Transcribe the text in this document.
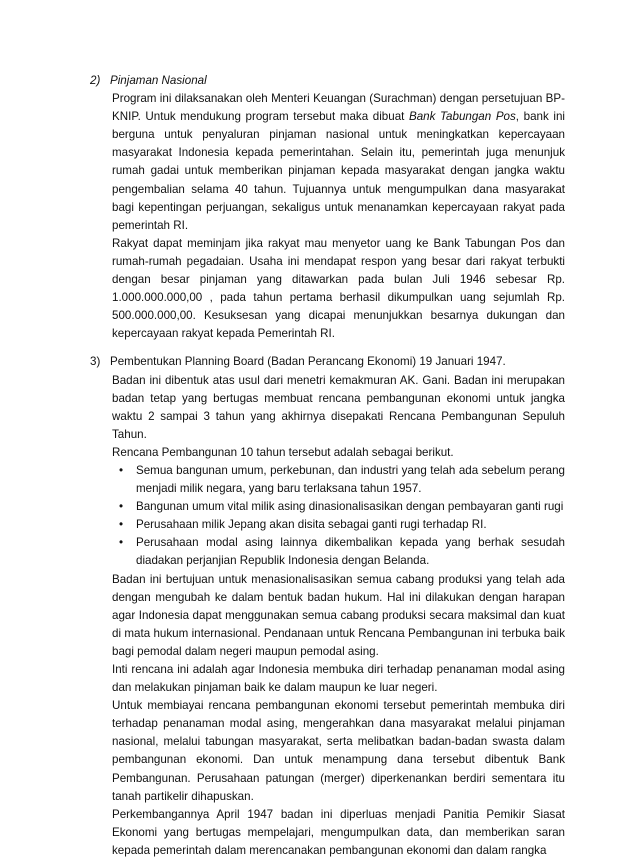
2) Pinjaman Nasional

Program ini dilaksanakan oleh Menteri Keuangan (Surachman) dengan persetujuan BP-KNIP. Untuk mendukung program tersebut maka dibuat Bank Tabungan Pos, bank ini berguna untuk penyaluran pinjaman nasional untuk meningkatkan kepercayaan masyarakat Indonesia kepada pemerintahan. Selain itu, pemerintah juga menunjuk rumah gadai untuk memberikan pinjaman kepada masyarakat dengan jangka waktu pengembalian selama 40 tahun. Tujuannya untuk mengumpulkan dana masyarakat bagi kepentingan perjuangan, sekaligus untuk menanamkan kepercayaan rakyat pada pemerintah RI.

Rakyat dapat meminjam jika rakyat mau menyetor uang ke Bank Tabungan Pos dan rumah-rumah pegadaian. Usaha ini mendapat respon yang besar dari rakyat terbukti dengan besar pinjaman yang ditawarkan pada bulan Juli 1946 sebesar Rp. 1.000.000.000,00 , pada tahun pertama berhasil dikumpulkan uang sejumlah Rp. 500.000.000,00. Kesuksesan yang dicapai menunjukkan besarnya dukungan dan kepercayaan rakyat kepada Pemerintah RI.

3) Pembentukan Planning Board (Badan Perancang Ekonomi) 19 Januari 1947.

Badan ini dibentuk atas usul dari menetri kemakmuran AK. Gani. Badan ini merupakan badan tetap yang bertugas membuat rencana pembangunan ekonomi untuk jangka waktu 2 sampai 3 tahun yang akhirnya disepakati Rencana Pembangunan Sepuluh Tahun.

Rencana Pembangunan 10 tahun tersebut adalah sebagai berikut.

•	Semua bangunan umum, perkebunan, dan industri yang telah ada sebelum perang menjadi milik negara, yang baru terlaksana tahun 1957.
•	Bangunan umum vital milik asing dinasionalisasikan dengan pembayaran ganti rugi
•	Perusahaan milik Jepang akan disita sebagai ganti rugi terhadap RI.
•	Perusahaan modal asing lainnya dikembalikan kepada yang berhak sesudah diadakan perjanjian Republik Indonesia dengan Belanda.

Badan ini bertujuan untuk menasionalisasikan semua cabang produksi yang telah ada dengan mengubah ke dalam bentuk badan hukum. Hal ini dilakukan dengan harapan agar Indonesia dapat menggunakan semua cabang produksi secara maksimal dan kuat di mata hukum internasional. Pendanaan untuk Rencana Pembangunan ini terbuka baik bagi pemodal dalam negeri maupun pemodal asing.

Inti rencana ini adalah agar Indonesia membuka diri terhadap penanaman modal asing dan melakukan pinjaman baik ke dalam maupun ke luar negeri.

Untuk membiayai rencana pembangunan ekonomi tersebut pemerintah membuka diri terhadap penanaman modal asing, mengerahkan dana masyarakat melalui pinjaman nasional, melalui tabungan masyarakat, serta melibatkan badan-badan swasta dalam pembangunan ekonomi. Dan untuk menampung dana tersebut dibentuk Bank Pembangunan. Perusahaan patungan (merger) diperkenankan berdiri sementara itu tanah partikelir dihapuskan.

Perkembangannya April 1947 badan ini diperluas menjadi Panitia Pemikir Siasat Ekonomi yang bertugas mempelajari, mengumpulkan data, dan memberikan saran kepada pemerintah dalam merencanakan pembangunan ekonomi dan dalam rangka
